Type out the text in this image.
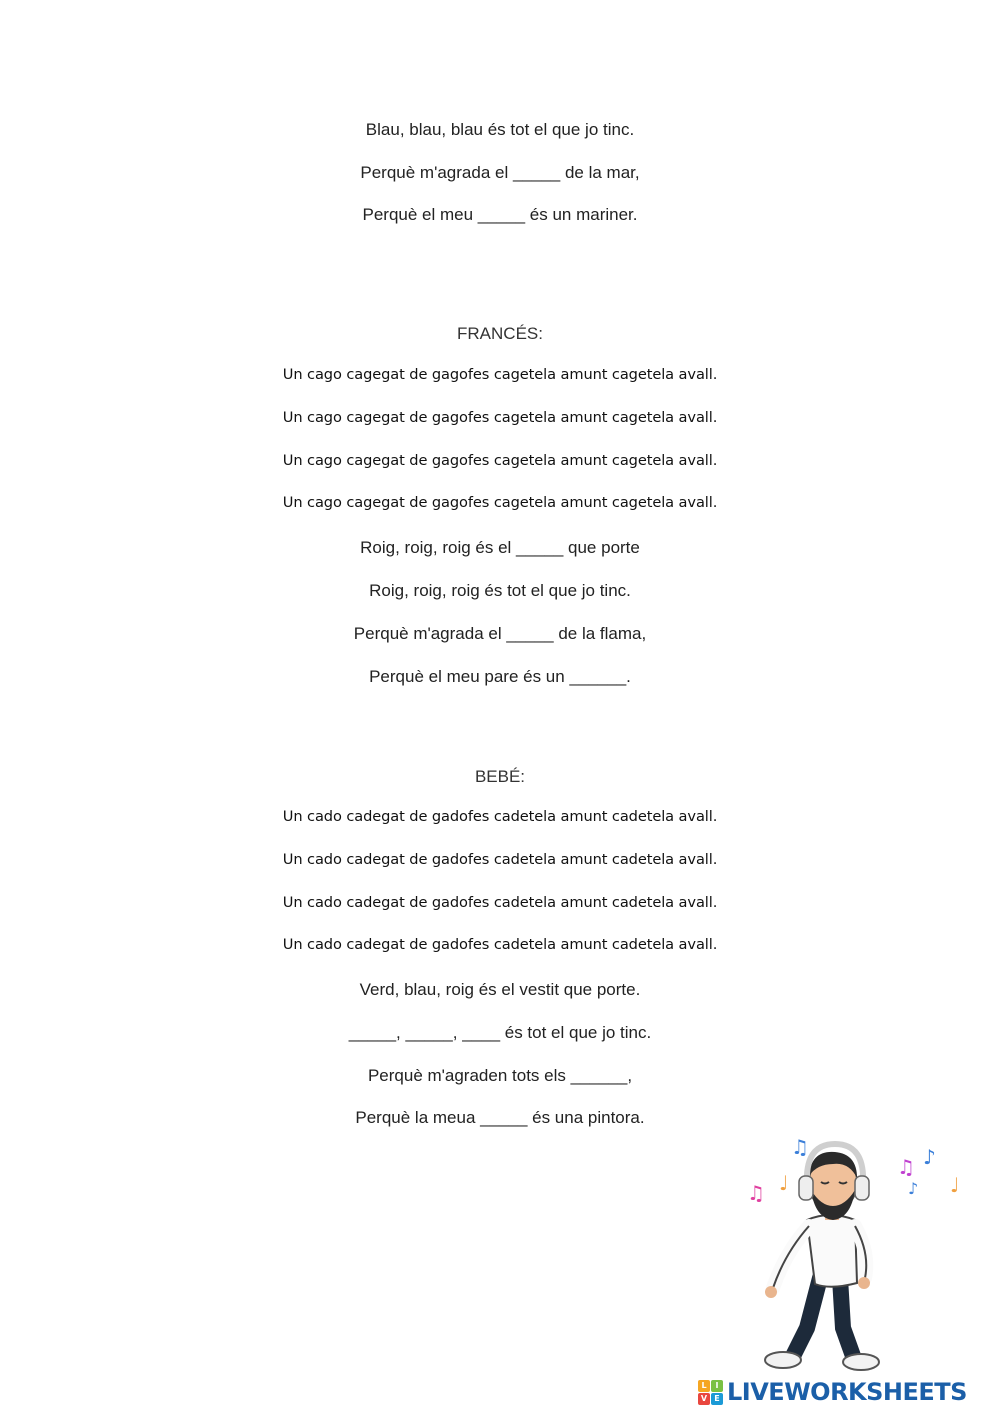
Blau, blau, blau és tot el que jo tinc.
Perquè m'agrada el _____ de la mar,
Perquè el meu _____ és un mariner.
FRANCÉS:
Un cago cagegat de gagofes cagetela amunt cagetela avall.
Un cago cagegat de gagofes cagetela amunt cagetela avall.
Un cago cagegat de gagofes cagetela amunt cagetela avall.
Un cago cagegat de gagofes cagetela amunt cagetela avall.
Roig, roig, roig és el _____ que porte
Roig, roig, roig és tot el que jo tinc.
Perquè m'agrada el _____ de la flama,
Perquè el meu pare és un ______.
BEBÉ:
Un cado cadegat de gadofes cadetela amunt cadetela avall.
Un cado cadegat de gadofes cadetela amunt cadetela avall.
Un cado cadegat de gadofes cadetela amunt cadetela avall.
Un cado cadegat de gadofes cadetela amunt cadetela avall.
Verd, blau, roig és el vestit que porte.
_____, _____, ____ és tot el que jo tinc.
Perquè m'agraden tots els ______,
Perquè la meua _____ és una pintora.
♫ ♩
♫
♫ ♪
♪ ♩
L	I
V E LIVEWORKSHEETS
